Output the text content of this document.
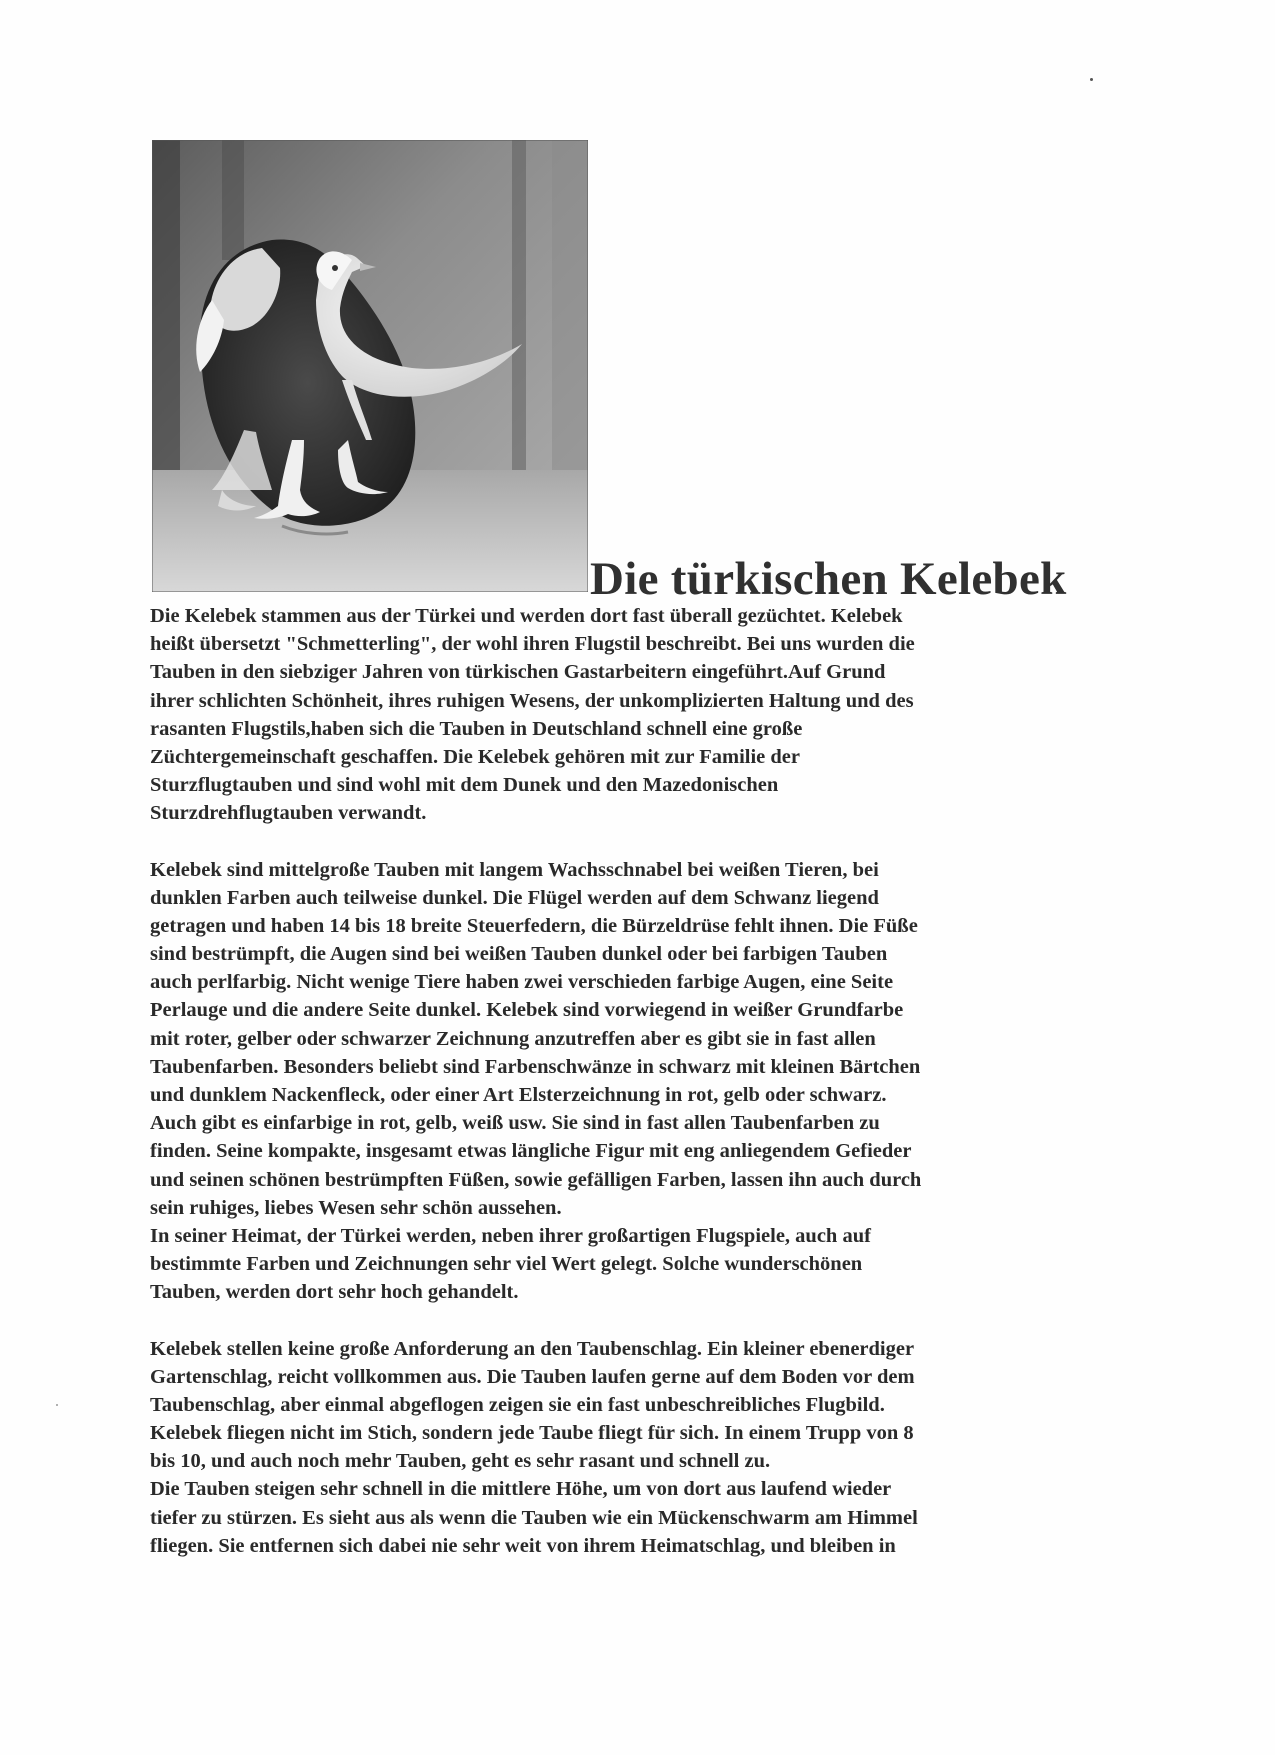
Die türkischen Kelebek
Die Kelebek stammen aus der Türkei und werden dort fast überall gezüchtet. Kelebek
heißt übersetzt "Schmetterling", der wohl ihren Flugstil beschreibt. Bei uns wurden die
Tauben in den siebziger Jahren von türkischen Gastarbeitern eingeführt.Auf Grund
ihrer schlichten Schönheit, ihres ruhigen Wesens, der unkomplizierten Haltung und des
rasanten Flugstils,haben sich die Tauben in Deutschland schnell eine große
Züchtergemeinschaft geschaffen. Die Kelebek gehören mit zur Familie der
Sturzflugtauben und sind wohl mit dem Dunek und den Mazedonischen
Sturzdrehflugtauben verwandt.
Kelebek sind mittelgroße Tauben mit langem Wachsschnabel bei weißen Tieren, bei
dunklen Farben auch teilweise dunkel. Die Flügel werden auf dem Schwanz liegend
getragen und haben 14 bis 18 breite Steuerfedern, die Bürzeldrüse fehlt ihnen. Die Füße
sind bestrümpft, die Augen sind bei weißen Tauben dunkel oder bei farbigen Tauben
auch perlfarbig. Nicht wenige Tiere haben zwei verschieden farbige Augen, eine Seite
Perlauge und die andere Seite dunkel. Kelebek sind vorwiegend in weißer Grundfarbe
mit roter, gelber oder schwarzer Zeichnung anzutreffen aber es gibt sie in fast allen
Taubenfarben. Besonders beliebt sind Farbenschwänze in schwarz mit kleinen Bärtchen
und dunklem Nackenfleck, oder einer Art Elsterzeichnung in rot, gelb oder schwarz.
Auch gibt es einfarbige in rot, gelb, weiß usw. Sie sind in fast allen Taubenfarben zu
finden. Seine kompakte, insgesamt etwas längliche Figur mit eng anliegendem Gefieder
und seinen schönen bestrümpften Füßen, sowie gefälligen Farben, lassen ihn auch durch
sein ruhiges, liebes Wesen sehr schön aussehen.
In seiner Heimat, der Türkei werden, neben ihrer großartigen Flugspiele, auch auf
bestimmte Farben und Zeichnungen sehr viel Wert gelegt. Solche wunderschönen
Tauben, werden dort sehr hoch gehandelt.
Kelebek stellen keine große Anforderung an den Taubenschlag. Ein kleiner ebenerdiger
Gartenschlag, reicht vollkommen aus. Die Tauben laufen gerne auf dem Boden vor dem
Taubenschlag, aber einmal abgeflogen zeigen sie ein fast unbeschreibliches Flugbild.
Kelebek fliegen nicht im Stich, sondern jede Taube fliegt für sich. In einem Trupp von 8
bis 10, und auch noch mehr Tauben, geht es sehr rasant und schnell zu.
Die Tauben steigen sehr schnell in die mittlere Höhe, um von dort aus laufend wieder
tiefer zu stürzen. Es sieht aus als wenn die Tauben wie ein Mückenschwarm am Himmel
fliegen. Sie entfernen sich dabei nie sehr weit von ihrem Heimatschlag, und bleiben in
